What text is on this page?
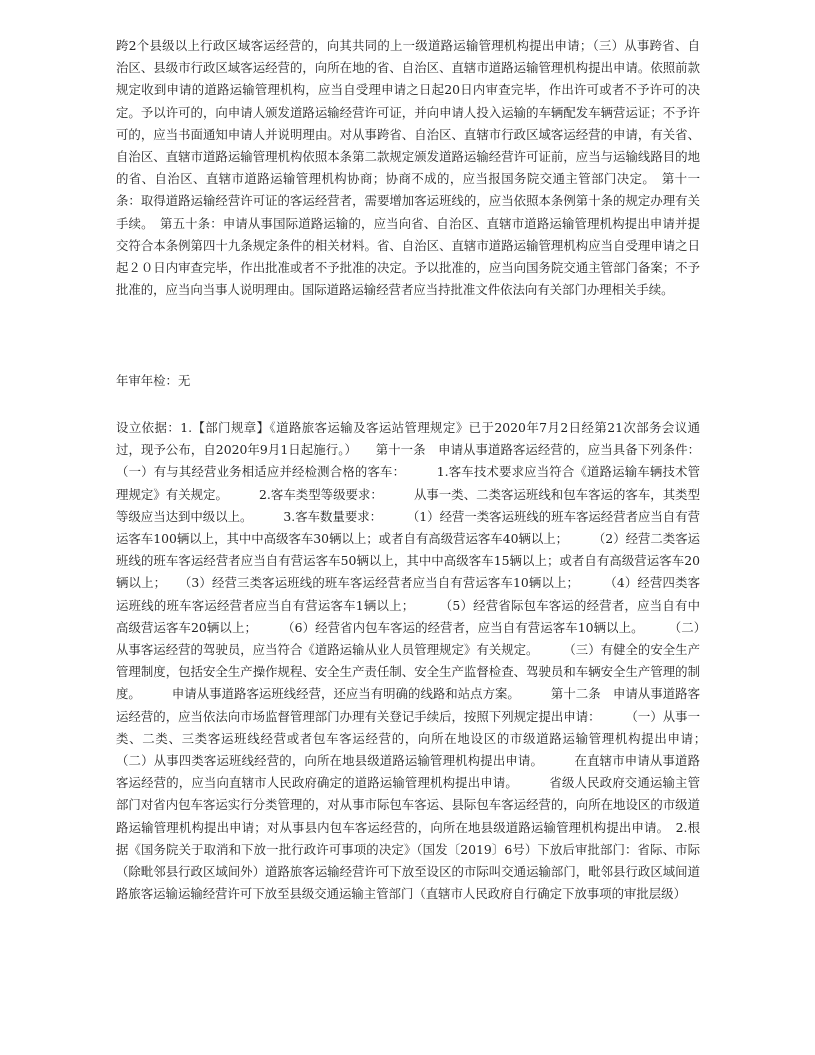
跨2个县级以上行政区域客运经营的，向其共同的上一级道路运输管理机构提出申请；（三）从事跨省、自治区、县级市行政区域客运经营的，向所在地的省、自治区、直辖市道路运输管理机构提出申请。依照前款规定收到申请的道路运输管理机构，应当自受理申请之日起20日内审查完毕，作出许可或者不予许可的决定。予以许可的，向申请人颁发道路运输经营许可证，并向申请人投入运输的车辆配发车辆营运证；不予许可的，应当书面通知申请人并说明理由。对从事跨省、自治区、直辖市行政区域客运经营的申请，有关省、自治区、直辖市道路运输管理机构依照本条第二款规定颁发道路运输经营许可证前，应当与运输线路目的地的省、自治区、直辖市道路运输管理机构协商；协商不成的，应当报国务院交通主管部门决定。　第十一条：取得道路运输经营许可证的客运经营者，需要增加客运班线的，应当依照本条例第十条的规定办理有关手续。　第五十条：申请从事国际道路运输的，应当向省、自治区、直辖市道路运输管理机构提出申请并提交符合本条例第四十九条规定条件的相关材料。省、自治区、直辖市道路运输管理机构应当自受理申请之日起２０日内审查完毕，作出批准或者不予批准的决定。予以批准的，应当向国务院交通主管部门备案；不予批准的，应当向当事人说明理由。国际道路运输经营者应当持批准文件依法向有关部门办理相关手续。

年审年检：无

设立依据：1.【部门规章】《道路旅客运输及客运站管理规定》已于2020年7月2日经第21次部务会议通过，现予公布，自2020年9月1日起施行。）　　第十一条　申请从事道路客运经营的，应当具备下列条件：（一）有与其经营业务相适应并经检测合格的客车：　　　1.客车技术要求应当符合《道路运输车辆技术管理规定》有关规定。　　　2.客车类型等级要求：　　　从事一类、二类客运班线和包车客运的客车，其类型等级应当达到中级以上。　　　3.客车数量要求：　　　（1）经营一类客运班线的班车客运经营者应当自有营运客车100辆以上，其中中高级客车30辆以上；或者自有高级营运客车40辆以上；　　　（2）经营二类客运班线的班车客运经营者应当自有营运客车50辆以上，其中中高级客车15辆以上；或者自有高级营运客车20辆以上；　　（3）经营三类客运班线的班车客运经营者应当自有营运客车10辆以上；　　　（4）经营四类客运班线的班车客运经营者应当自有营运客车1辆以上；　　　（5）经营省际包车客运的经营者，应当自有中高级营运客车20辆以上；　　　（6）经营省内包车客运的经营者，应当自有营运客车10辆以上。　　　（二）从事客运经营的驾驶员，应当符合《道路运输从业人员管理规定》有关规定。　　　（三）有健全的安全生产管理制度，包括安全生产操作规程、安全生产责任制、安全生产监督检查、驾驶员和车辆安全生产管理的制度。　　　申请从事道路客运班线经营，还应当有明确的线路和站点方案。　　　第十二条　申请从事道路客运经营的，应当依法向市场监督管理部门办理有关登记手续后，按照下列规定提出申请：　　　（一）从事一类、二类、三类客运班线经营或者包车客运经营的，向所在地设区的市级道路运输管理机构提出申请；　　　（二）从事四类客运班线经营的，向所在地县级道路运输管理机构提出申请。　　　在直辖市申请从事道路客运经营的，应当向直辖市人民政府确定的道路运输管理机构提出申请。　　　省级人民政府交通运输主管部门对省内包车客运实行分类管理的，对从事市际包车客运、县际包车客运经营的，向所在地设区的市级道路运输管理机构提出申请；对从事县内包车客运经营的，向所在地县级道路运输管理机构提出申请。　2.根据《国务院关于取消和下放一批行政许可事项的决定》（国发〔2019〕6号）下放后审批部门：省际、市际（除毗邻县行政区域间外）道路旅客运输经营许可下放至设区的市际叫交通运输部门，毗邻县行政区域间道路旅客运输运输经营许可下放至县级交通运输主管部门（直辖市人民政府自行确定下放事项的审批层级）
